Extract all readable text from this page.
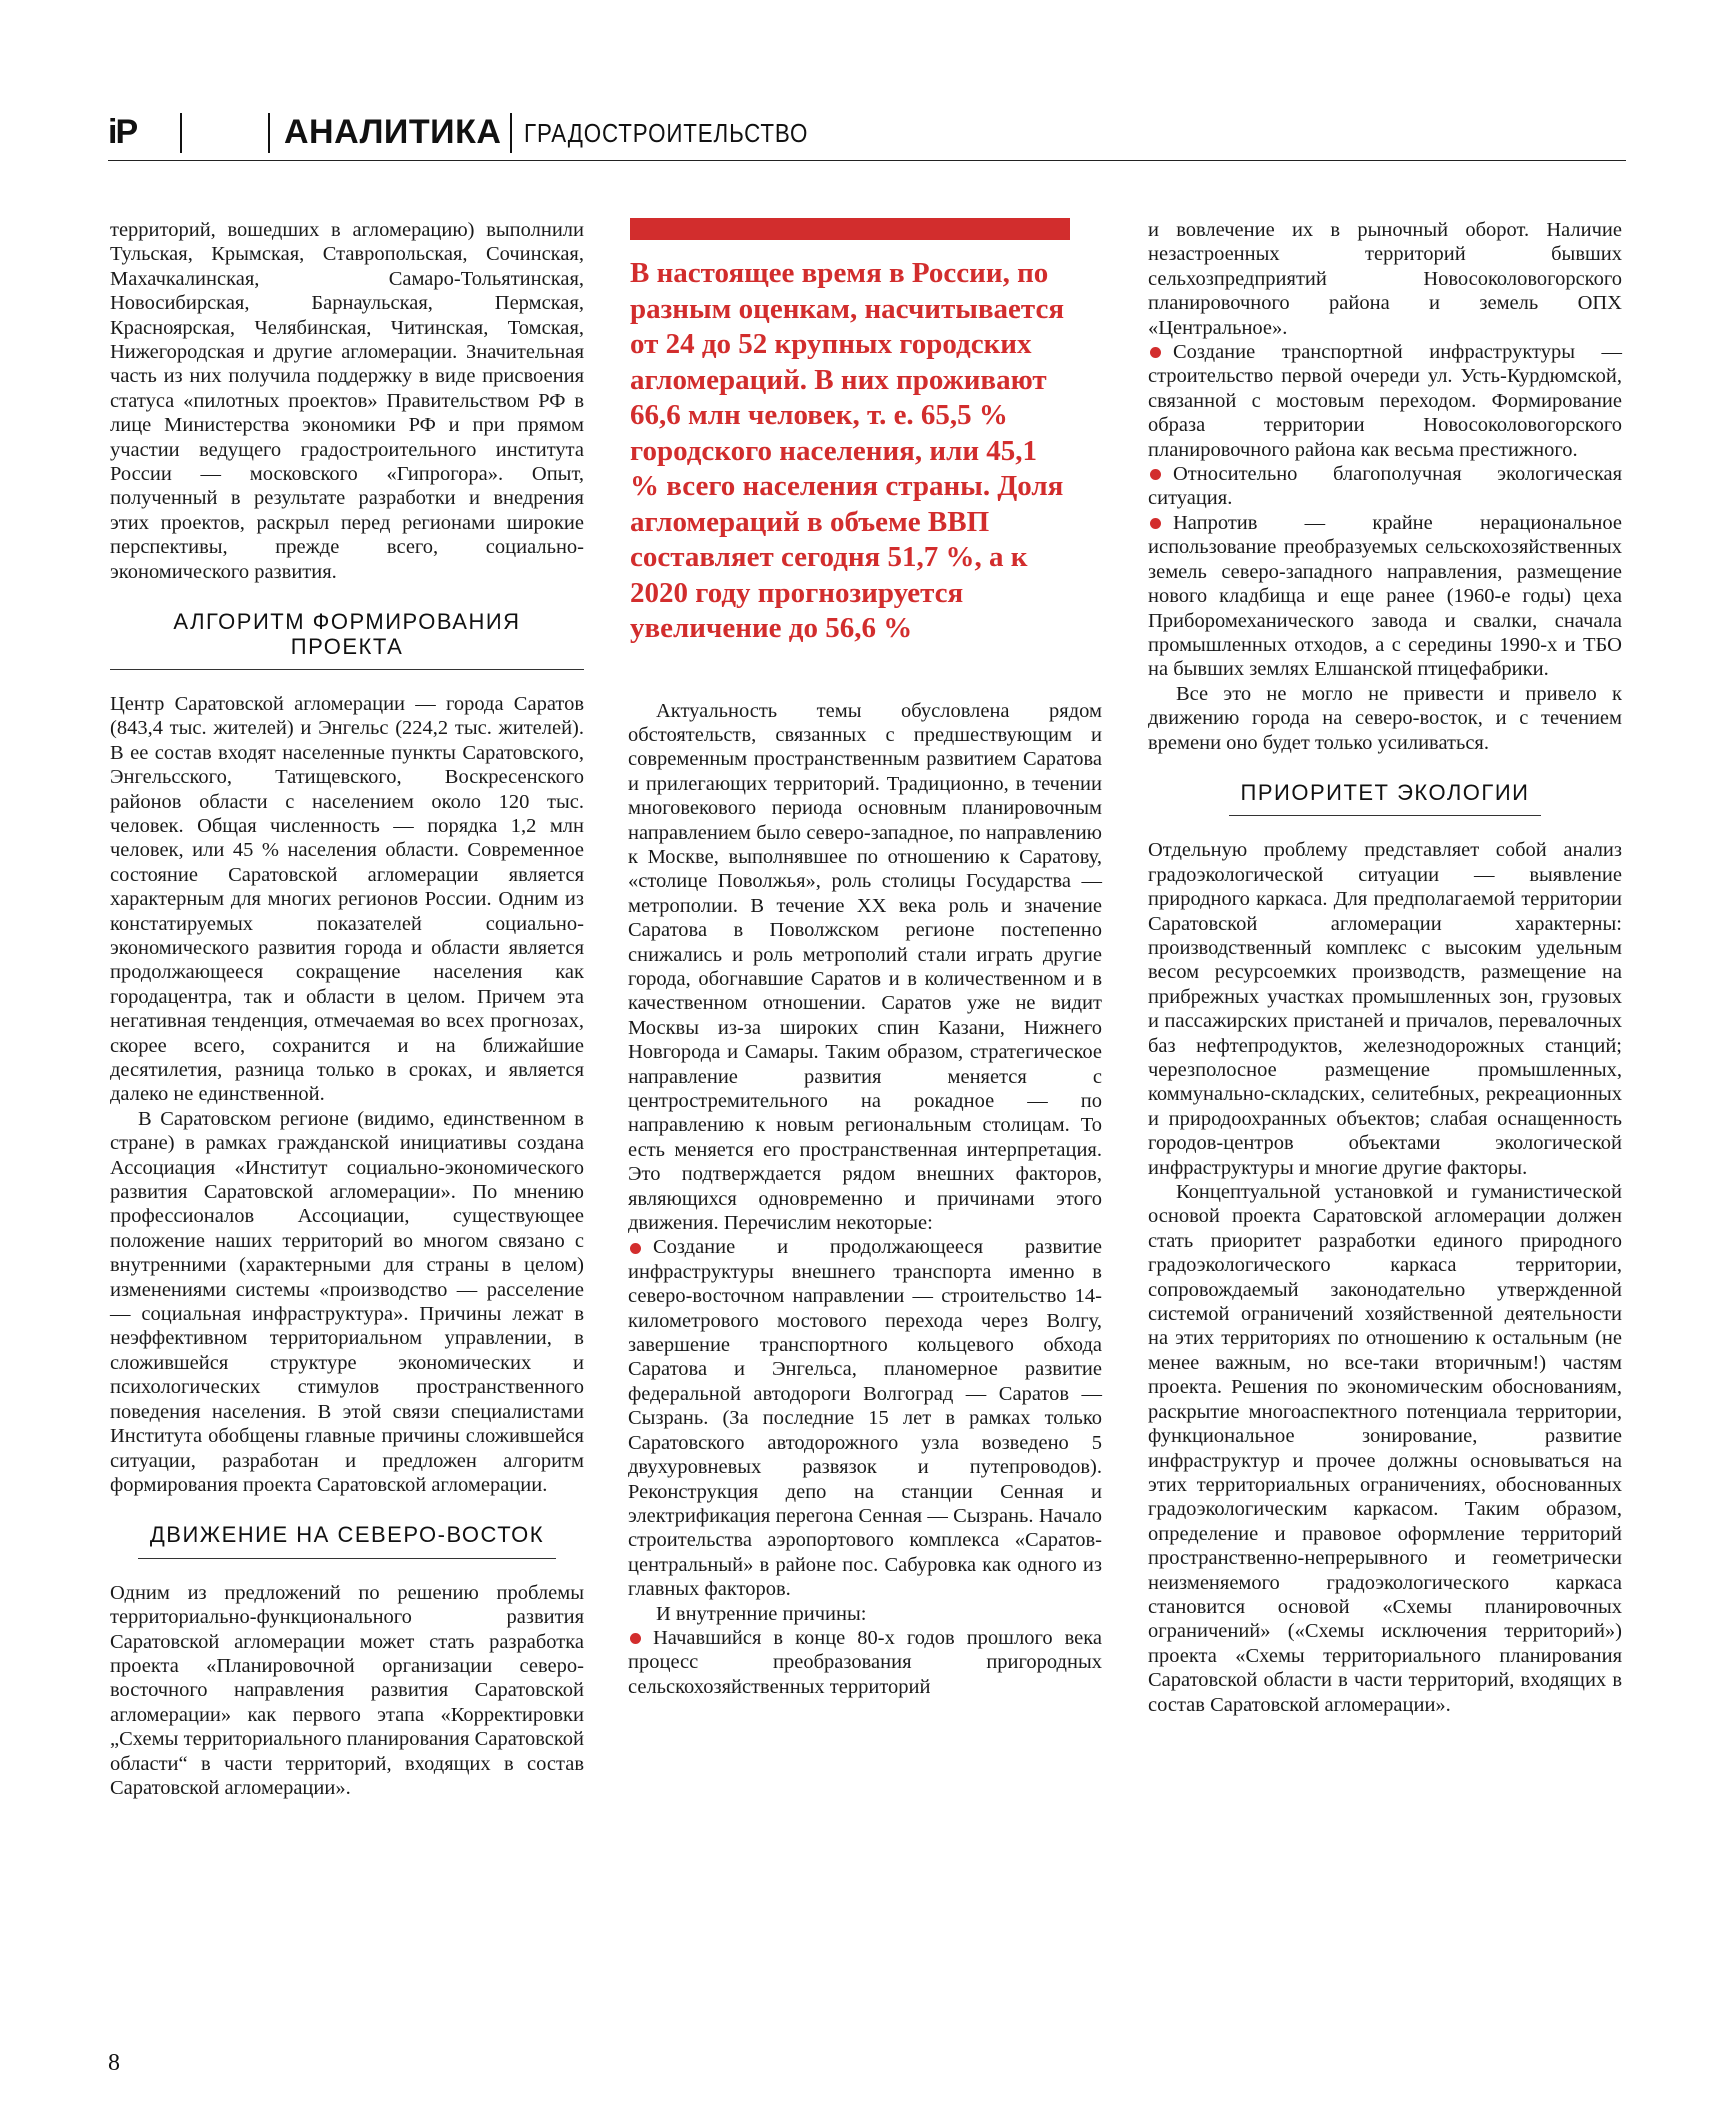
iP	АНАЛИТИКА ГРАДОСТРОИТЕЛЬСТВО

территорий, вошедших в агломерацию) выполнили Тульская, Крымская, Ставропольская, Сочинская, Махачкалинская, Самаро-Тольятинская, Новосибирская, Барнаульская, Пермская, Красноярская, Челябинская, Читинская, Томская, Нижегородская и другие агломерации. Значительная часть из них получила поддержку в виде присвоения статуса «пилотных проектов» Правительством РФ в лице Министерства экономики РФ и при прямом участии ведущего градостроительного института России — московского «Гипрогора». Опыт, полученный в результате разработки и внедрения этих проектов, раскрыл перед регионами широкие перспективы, прежде всего, социально-экономического развития.

АЛГОРИТМ ФОРМИРОВАНИЯ ПРОЕКТА

Центр Саратовской агломерации — города Саратов (843,4 тыс. жителей) и Энгельс (224,2 тыс. жителей). В ее состав входят населенные пункты Саратовского, Энгельсского, Татищевского, Воскресенского районов области с населением около 120 тыс. человек. Общая численность — порядка 1,2 млн человек, или 45 % населения области. Современное состояние Саратовской агломерации является характерным для многих регионов России. Одним из констатируемых показателей социально-экономического развития города и области является продолжающееся сокращение населения как городацентра, так и области в целом. Причем эта негативная тенденция, отмечаемая во всех прогнозах, скорее всего, сохранится и на ближайшие десятилетия, разница только в сроках, и является далеко не единственной.

В Саратовском регионе (видимо, единственном в стране) в рамках гражданской инициативы создана Ассоциация «Институт социально-экономического развития Саратовской агломерации». По мнению профессионалов Ассоциации, существующее положение наших территорий во многом связано с внутренними (характерными для страны в целом) изменениями системы «производство — расселение — социальная инфраструктура». Причины лежат в неэффективном территориальном управлении, в сложившейся структуре экономических и психологических стимулов пространственного поведения населения. В этой связи специалистами Института обобщены главные причины сложившейся ситуации, разработан и предложен алгоритм формирования проекта Саратовской агломерации.

ДВИЖЕНИЕ НА СЕВЕРО-ВОСТОК

Одним из предложений по решению проблемы территориально-функционального развития Саратовской агломерации может стать разработка проекта «Планировочной организации северо-восточного направления развития Саратовской агломерации» как первого этапа «Корректировки „Схемы территориального планирования Саратовской области“ в части территорий, входящих в состав Саратовской агломерации».

В настоящее время в России, по разным оценкам, насчитывается от 24 до 52 крупных городских агломераций. В них проживают 66,6 млн человек, т. е. 65,5 % городского населения, или 45,1 % всего населения страны. Доля агломераций в объеме ВВП составляет сегодня 51,7 %, а к 2020 году прогнозируется увеличение до 56,6 %

Актуальность темы обусловлена рядом обстоятельств, связанных с предшествующим и современным пространственным развитием Саратова и прилегающих территорий. Традиционно, в течении многовекового периода основным планировочным направлением было северо-западное, по направлению к Москве, выполнявшее по отношению к Саратову, «столице Поволжья», роль столицы Государства — метрополии. В течение XX века роль и значение Саратова в Поволжском регионе постепенно снижались и роль метрополий стали играть другие города, обогнавшие Саратов и в количественном и в качественном отношении. Саратов уже не видит Москвы из-за широких спин Казани, Нижнего Новгорода и Самары. Таким образом, стратегическое направление развития меняется с центростремительного на рокадное — по направлению к новым региональным столицам. То есть меняется его пространственная интерпретация. Это подтверждается рядом внешних факторов, являющихся одновременно и причинами этого движения. Перечислим некоторые:

Создание и продолжающееся развитие инфраструктуры внешнего транспорта именно в северо-восточном направлении — строительство 14-километрового мостового перехода через Волгу, завершение транспортного кольцевого обхода Саратова и Энгельса, планомерное развитие федеральной автодороги Волгоград — Саратов — Сызрань. (За последние 15 лет в рамках только Саратовского автодорожного узла возведено 5 двухуровневых развязок и путепроводов). Реконструкция депо на станции Сенная и электрификация перегона Сенная — Сызрань. Начало строительства аэропортового комплекса «Саратов-центральный» в районе пос. Сабуровка как одного из главных факторов.

И внутренние причины:

Начавшийся в конце 80-х годов прошлого века процесс преобразования пригородных сельскохозяйственных территорий

и вовлечение их в рыночный оборот. Наличие незастроенных территорий бывших сельхозпредприятий Новосоколовогорского планировочного района и земель ОПХ «Центральное».

Создание транспортной инфраструктуры — строительство первой очереди ул. Усть-Курдюмской, связанной с мостовым переходом. Формирование образа территории Новосоколовогорского планировочного района как весьма престижного.

Относительно благополучная экологическая ситуация.

Напротив — крайне нерациональное использование преобразуемых сельскохозяйственных земель северо-западного направления, размещение нового кладбища и еще ранее (1960-е годы) цеха Приборомеханического завода и свалки, сначала промышленных отходов, а с середины 1990-х и ТБО на бывших землях Елшанской птицефабрики.

Все это не могло не привести и привело к движению города на северо-восток, и с течением времени оно будет только усиливаться.

ПРИОРИТЕТ ЭКОЛОГИИ

Отдельную проблему представляет собой анализ градоэкологической ситуации — выявление природного каркаса. Для предполагаемой территории Саратовской агломерации характерны: производственный комплекс с высоким удельным весом ресурсоемких производств, размещение на прибрежных участках промышленных зон, грузовых и пассажирских пристаней и причалов, перевалочных баз нефтепродуктов, железнодорожных станций; черезполосное размещение промышленных, коммунально-складских, селитебных, рекреационных и природоохранных объектов; слабая оснащенность городов-центров объектами экологической инфраструктуры и многие другие факторы.

Концептуальной установкой и гуманистической основой проекта Саратовской агломерации должен стать приоритет разработки единого природного градоэкологического каркаса территории, сопровождаемый законодательно утвержденной системой ограничений хозяйственной деятельности на этих территориях по отношению к остальным (не менее важным, но все-таки вторичным!) частям проекта. Решения по экономическим обоснованиям, раскрытие многоаспектного потенциала территории, функциональное зонирование, развитие инфраструктур и прочее должны основываться на этих территориальных ограничениях, обоснованных градоэкологическим каркасом. Таким образом, определение и правовое оформление территорий пространственно-непрерывного и геометрически неизменяемого градоэкологического каркаса становится основой «Схемы планировочных ограничений» («Схемы исключения территорий») проекта «Схемы территориального планирования Саратовской области в части территорий, входящих в состав Саратовской агломерации».

8
